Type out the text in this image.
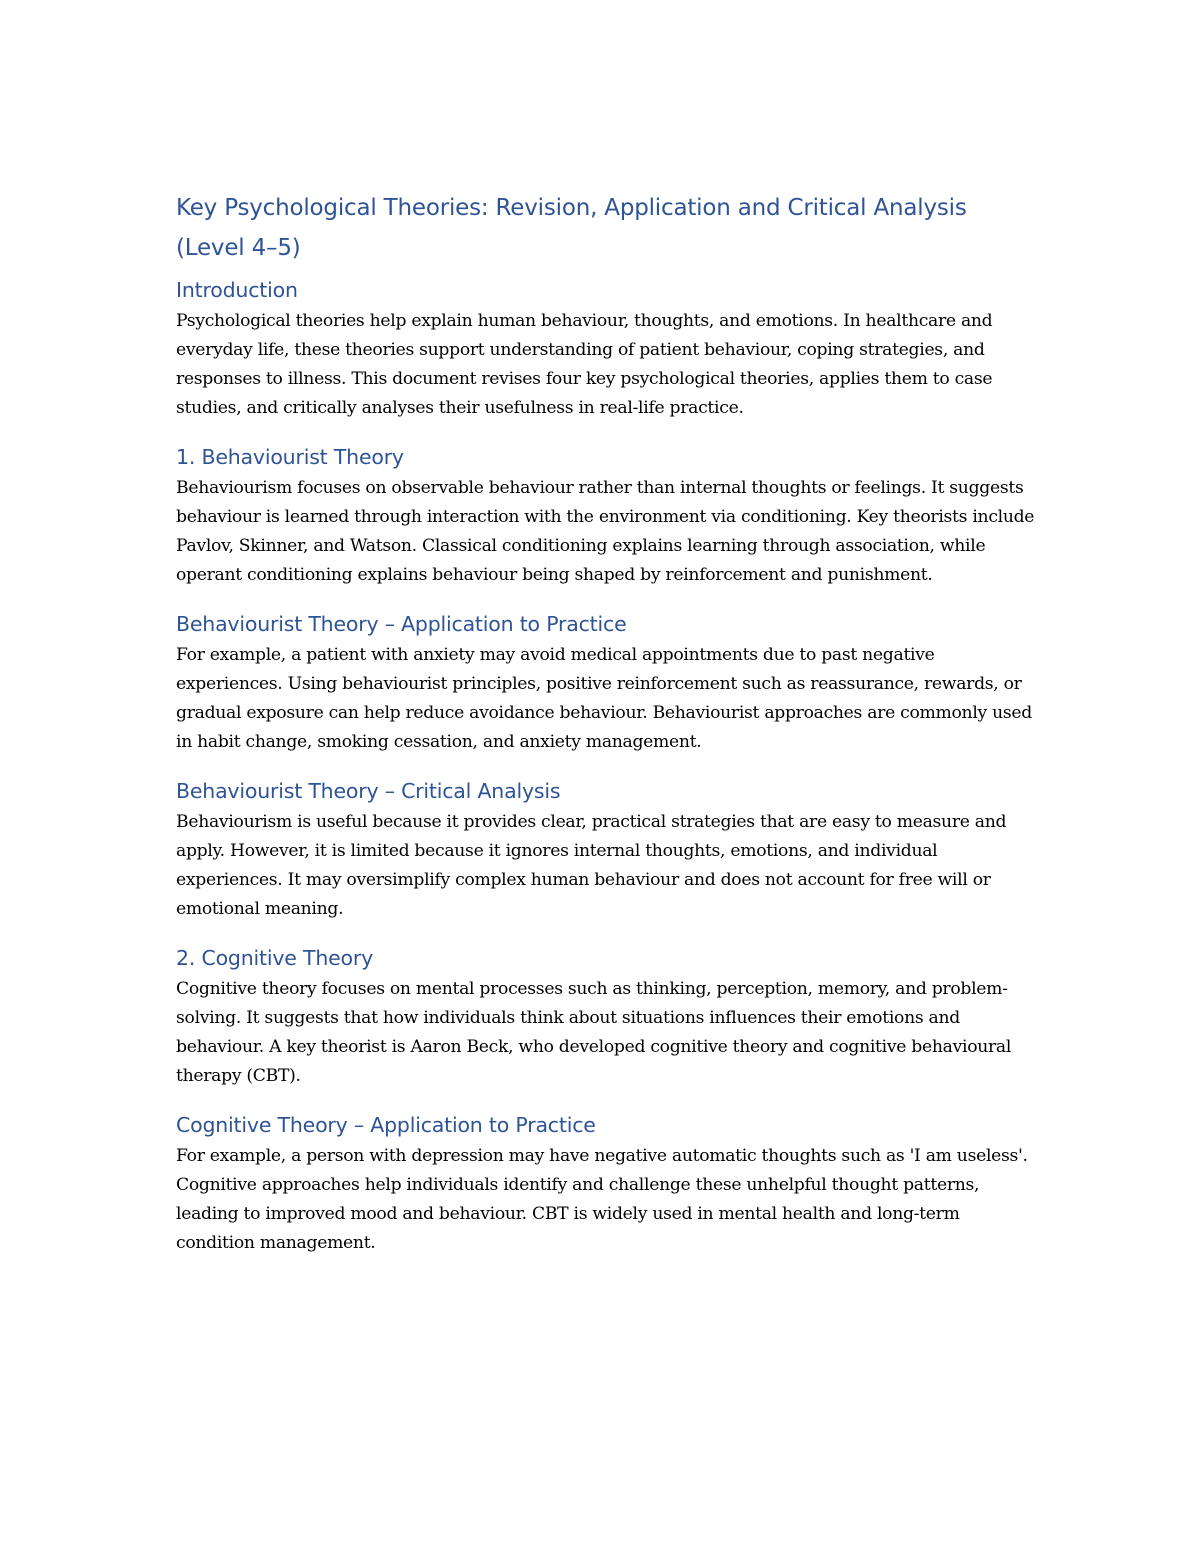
Key Psychological Theories: Revision, Application and Critical Analysis (Level 4–5)
Introduction

Psychological theories help explain human behaviour, thoughts, and emotions. In healthcare and everyday life, these theories support understanding of patient behaviour, coping strategies, and responses to illness. This document revises four key psychological theories, applies them to case studies, and critically analyses their usefulness in real-life practice.

1. Behaviourist Theory

Behaviourism focuses on observable behaviour rather than internal thoughts or feelings. It suggests behaviour is learned through interaction with the environment via conditioning. Key theorists include Pavlov, Skinner, and Watson. Classical conditioning explains learning through association, while operant conditioning explains behaviour being shaped by reinforcement and punishment.

Behaviourist Theory – Application to Practice

For example, a patient with anxiety may avoid medical appointments due to past negative experiences. Using behaviourist principles, positive reinforcement such as reassurance, rewards, or gradual exposure can help reduce avoidance behaviour. Behaviourist approaches are commonly used in habit change, smoking cessation, and anxiety management.

Behaviourist Theory – Critical Analysis

Behaviourism is useful because it provides clear, practical strategies that are easy to measure and apply. However, it is limited because it ignores internal thoughts, emotions, and individual experiences. It may oversimplify complex human behaviour and does not account for free will or emotional meaning.

2. Cognitive Theory

Cognitive theory focuses on mental processes such as thinking, perception, memory, and problem-solving. It suggests that how individuals think about situations influences their emotions and behaviour. A key theorist is Aaron Beck, who developed cognitive theory and cognitive behavioural therapy (CBT).

Cognitive Theory – Application to Practice

For example, a person with depression may have negative automatic thoughts such as 'I am useless'. Cognitive approaches help individuals identify and challenge these unhelpful thought patterns, leading to improved mood and behaviour. CBT is widely used in mental health and long-term condition management.
